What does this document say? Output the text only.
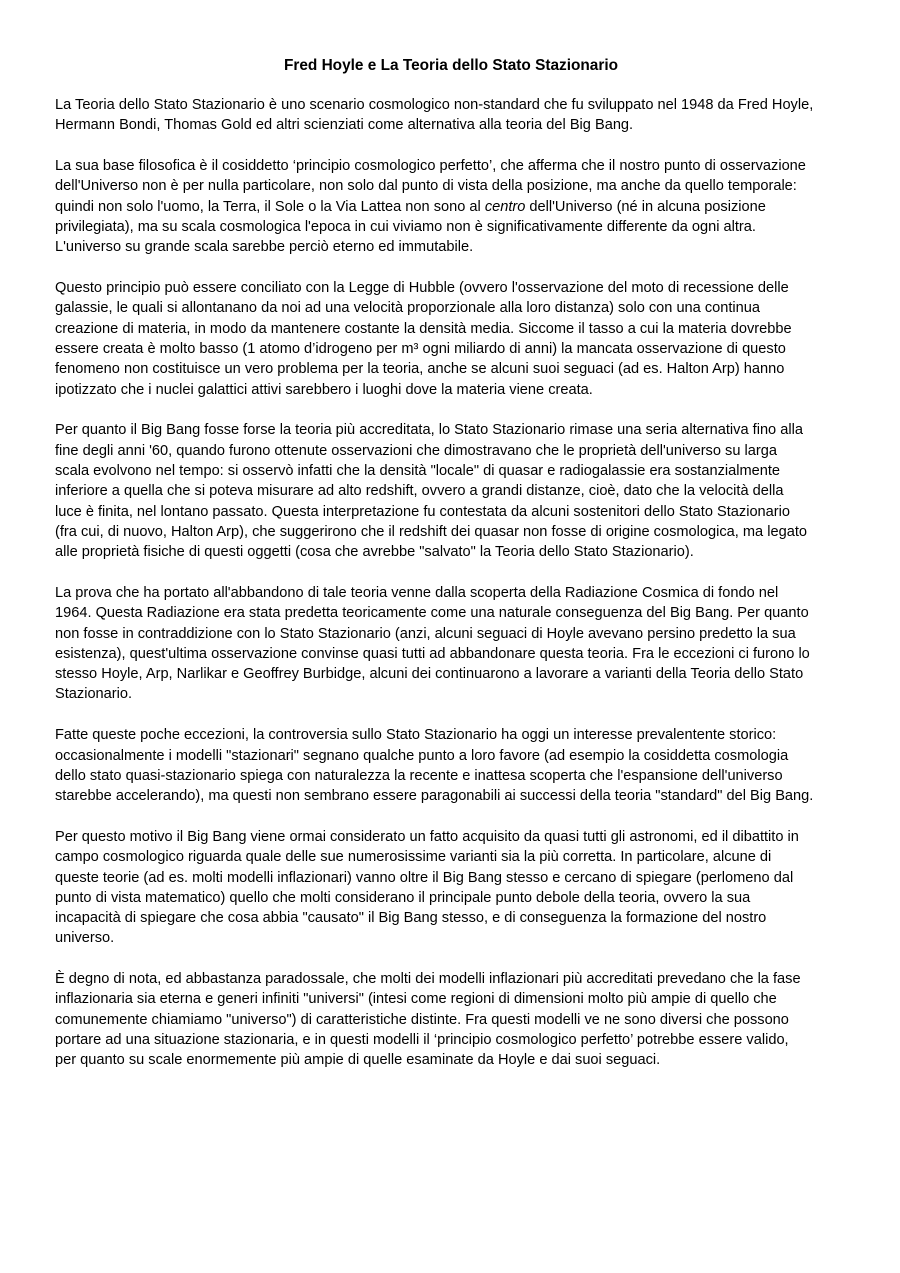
Fred Hoyle e La Teoria dello Stato Stazionario
La Teoria dello Stato Stazionario è uno scenario cosmologico non-standard che fu sviluppato nel 1948 da Fred Hoyle,
Hermann Bondi, Thomas Gold ed altri scienziati come alternativa alla teoria del Big Bang.
La sua base filosofica è il cosiddetto ‘principio cosmologico perfetto’, che afferma che il nostro punto di osservazione
dell'Universo non è per nulla particolare, non solo dal punto di vista della posizione, ma anche da quello temporale:
quindi non solo l'uomo, la Terra, il Sole o la Via Lattea non sono al centro dell'Universo (né in alcuna posizione
privilegiata), ma su scala cosmologica l'epoca in cui viviamo non è significativamente differente da ogni altra.
L'universo su grande scala sarebbe perciò eterno ed immutabile.
Questo principio può essere conciliato con la Legge di Hubble (ovvero l'osservazione del moto di recessione delle
galassie, le quali si allontanano da noi ad una velocità proporzionale alla loro distanza) solo con una continua
creazione di materia, in modo da mantenere costante la densità media. Siccome il tasso a cui la materia dovrebbe
essere creata è molto basso (1 atomo d’idrogeno per m³ ogni miliardo di anni) la mancata osservazione di questo
fenomeno non costituisce un vero problema per la teoria, anche se alcuni suoi seguaci (ad es. Halton Arp) hanno
ipotizzato che i nuclei galattici attivi sarebbero i luoghi dove la materia viene creata.
Per quanto il Big Bang fosse forse la teoria più accreditata, lo Stato Stazionario rimase una seria alternativa fino alla
fine degli anni '60, quando furono ottenute osservazioni che dimostravano che le proprietà dell'universo su larga
scala evolvono nel tempo: si osservò infatti che la densità "locale" di quasar e radiogalassie era sostanzialmente
inferiore a quella che si poteva misurare ad alto redshift, ovvero a grandi distanze, cioè, dato che la velocità della
luce è finita, nel lontano passato. Questa interpretazione fu contestata da alcuni sostenitori dello Stato Stazionario
(fra cui, di nuovo, Halton Arp), che suggerirono che il redshift dei quasar non fosse di origine cosmologica, ma legato
alle proprietà fisiche di questi oggetti (cosa che avrebbe "salvato" la Teoria dello Stato Stazionario).
La prova che ha portato all'abbandono di tale teoria venne dalla scoperta della Radiazione Cosmica di fondo nel
1964. Questa Radiazione era stata predetta teoricamente come una naturale conseguenza del Big Bang. Per quanto
non fosse in contraddizione con lo Stato Stazionario (anzi, alcuni seguaci di Hoyle avevano persino predetto la sua
esistenza), quest'ultima osservazione convinse quasi tutti ad abbandonare questa teoria. Fra le eccezioni ci furono lo
stesso Hoyle, Arp, Narlikar e Geoffrey Burbidge, alcuni dei continuarono a lavorare a varianti della Teoria dello Stato
Stazionario.
Fatte queste poche eccezioni, la controversia sullo Stato Stazionario ha oggi un interesse prevalentente storico:
occasionalmente i modelli "stazionari" segnano qualche punto a loro favore (ad esempio la cosiddetta cosmologia
dello stato quasi-stazionario spiega con naturalezza la recente e inattesa scoperta che l'espansione dell'universo
starebbe accelerando), ma questi non sembrano essere paragonabili ai successi della teoria "standard" del Big Bang.
Per questo motivo il Big Bang viene ormai considerato un fatto acquisito da quasi tutti gli astronomi, ed il dibattito in
campo cosmologico riguarda quale delle sue numerosissime varianti sia la più corretta. In particolare, alcune di
queste teorie (ad es. molti modelli inflazionari) vanno oltre il Big Bang stesso e cercano di spiegare (perlomeno dal
punto di vista matematico) quello che molti considerano il principale punto debole della teoria, ovvero la sua
incapacità di spiegare che cosa abbia "causato" il Big Bang stesso, e di conseguenza la formazione del nostro
universo.
È degno di nota, ed abbastanza paradossale, che molti dei modelli inflazionari più accreditati prevedano che la fase
inflazionaria sia eterna e generi infiniti "universi" (intesi come regioni di dimensioni molto più ampie di quello che
comunemente chiamiamo "universo") di caratteristiche distinte. Fra questi modelli ve ne sono diversi che possono
portare ad una situazione stazionaria, e in questi modelli il ‘principio cosmologico perfetto’ potrebbe essere valido,
per quanto su scale enormemente più ampie di quelle esaminate da Hoyle e dai suoi seguaci.
